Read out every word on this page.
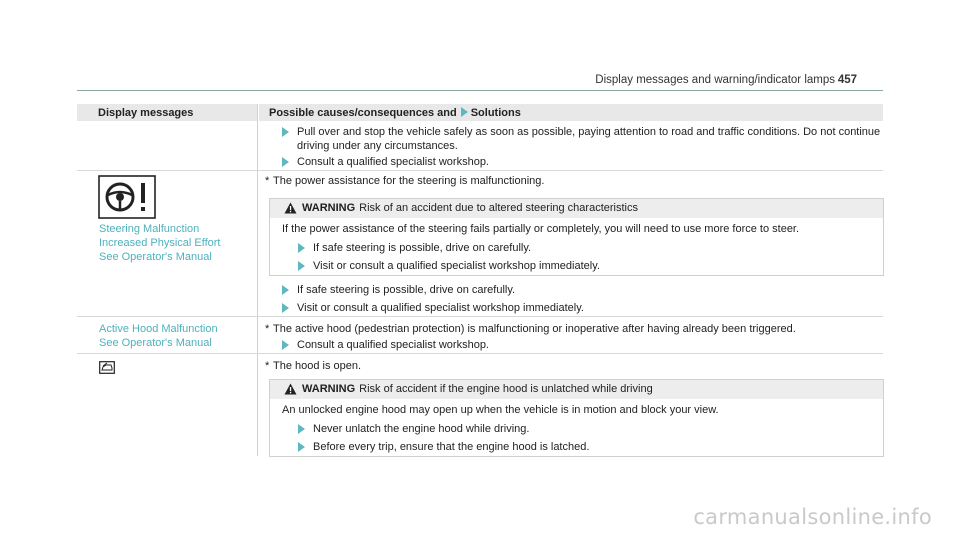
Display messages and warning/indicator lamps 457
Display messages	Possible causes/consequences and Solutions
Pull over and stop the vehicle safely as soon as possible, paying attention to road and traffic conditions. Do not continue driving under any circumstances.
Consult a qualified specialist workshop.
Steering Malfunction
Increased Physical Effort
See Operator's Manual
* The power assistance for the steering is malfunctioning.
WARNING Risk of an accident due to altered steering characteristics
If the power assistance of the steering fails partially or completely, you will need to use more force to steer.
If safe steering is possible, drive on carefully.
Visit or consult a qualified specialist workshop immediately.
If safe steering is possible, drive on carefully.
Visit or consult a qualified specialist workshop immediately.
Active Hood Malfunction
See Operator's Manual
* The active hood (pedestrian protection) is malfunctioning or inoperative after having already been triggered.
Consult a qualified specialist workshop.
* The hood is open.
WARNING Risk of accident if the engine hood is unlatched while driving
An unlocked engine hood may open up when the vehicle is in motion and block your view.
Never unlatch the engine hood while driving.
Before every trip, ensure that the engine hood is latched.
carmanualsonline.info
